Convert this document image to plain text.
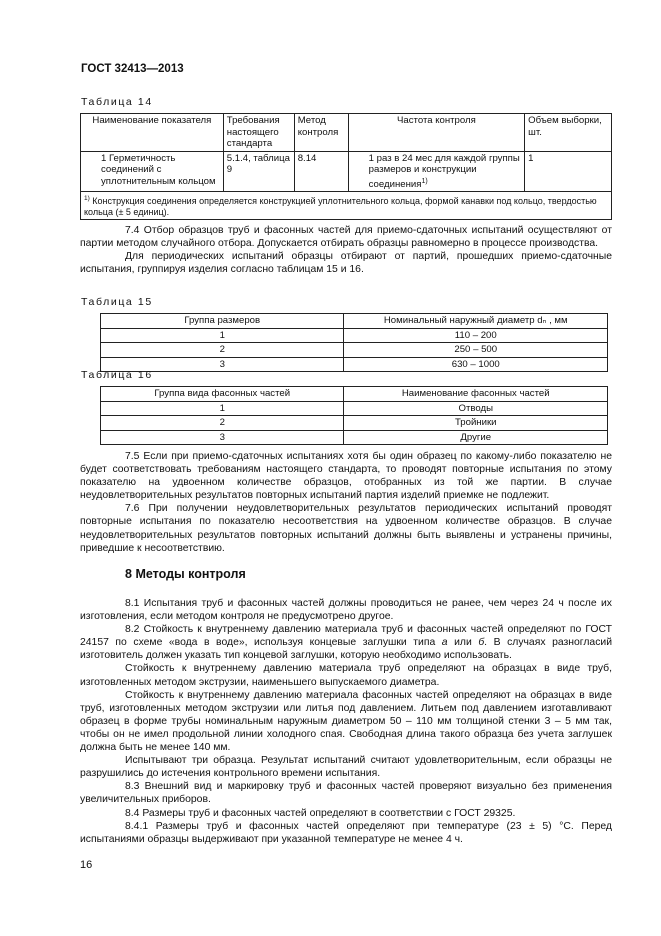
ГОСТ 32413—2013
Таблица 14
Наименование показателя	Требования настоящего стандарта	Метод контроля	Частота контроля	Объем выборки, шт.
1 Герметичность соединений с уплотнительным кольцом	5.1.4, таблица 9	8.14	1 раз в 24 мес для каждой группы размеров и конструкции соединения$^{1)}$	1
$^{1)}$ Конструкция соединения определяется конструкцией уплотнительного кольца, формой канавки под кольцо, твердостью кольца (± 5 единиц).				

7.4 Отбор образцов труб и фасонных частей для приемо-сдаточных испытаний осуществляют от партии методом случайного отбора. Допускается отбирать образцы равномерно в процессе производства.

Для периодических испытаний образцы отбирают от партий, прошедших приемо-сдаточные испытания, группируя изделия согласно таблицам 15 и 16.

Таблица 15
Группа размеров	Номинальный наружный диаметр dₙ , мм
1	110 – 200
2	250 – 500
3	630 – 1000
Таблица 16
Группа вида фасонных частей	Наименование фасонных частей
1	Отводы
2	Тройники
3	Другие

7.5 Если при приемо-сдаточных испытаниях хотя бы один образец по какому-либо показателю не будет соответствовать требованиям настоящего стандарта, то проводят повторные испытания по этому показателю на удвоенном количестве образцов, отобранных из той же партии. В случае неудовлетворительных результатов повторных испытаний партия изделий приемке не подлежит.

7.6 При получении неудовлетворительных результатов периодических испытаний проводят повторные испытания по показателю несоответствия на удвоенном количестве образцов. В случае неудовлетворительных результатов повторных испытаний должны быть выявлены и устранены причины, приведшие к несоответствию.

8 Методы контроля

8.1 Испытания труб и фасонных частей должны проводиться не ранее, чем через 24 ч после их изготовления, если методом контроля не предусмотрено другое.

8.2 Стойкость к внутреннему давлению материала труб и фасонных частей определяют по ГОСТ 24157 по схеме «вода в воде», используя концевые заглушки типа а или б. В случаях разногласий изготовитель должен указать тип концевой заглушки, которую необходимо использовать.

Стойкость к внутреннему давлению материала труб определяют на образцах в виде труб, изготовленных методом экструзии, наименьшего выпускаемого диаметра.

Стойкость к внутреннему давлению материала фасонных частей определяют на образцах в виде труб, изготовленных методом экструзии или литья под давлением. Литьем под давлением изготавливают образец в форме трубы номинальным наружным диаметром 50 – 110 мм толщиной стенки 3 – 5 мм так, чтобы он не имел продольной линии холодного спая. Свободная длина такого образца без учета заглушек должна быть не менее 140 мм.

Испытывают три образца. Результат испытаний считают удовлетворительным, если образцы не разрушились до истечения контрольного времени испытания.

8.3 Внешний вид и маркировку труб и фасонных частей проверяют визуально без применения увеличительных приборов.

8.4 Размеры труб и фасонных частей определяют в соответствии с ГОСТ 29325.

8.4.1 Размеры труб и фасонных частей определяют при температуре (23 ± 5) °С. Перед испытаниями образцы выдерживают при указанной температуре не менее 4 ч.

16
